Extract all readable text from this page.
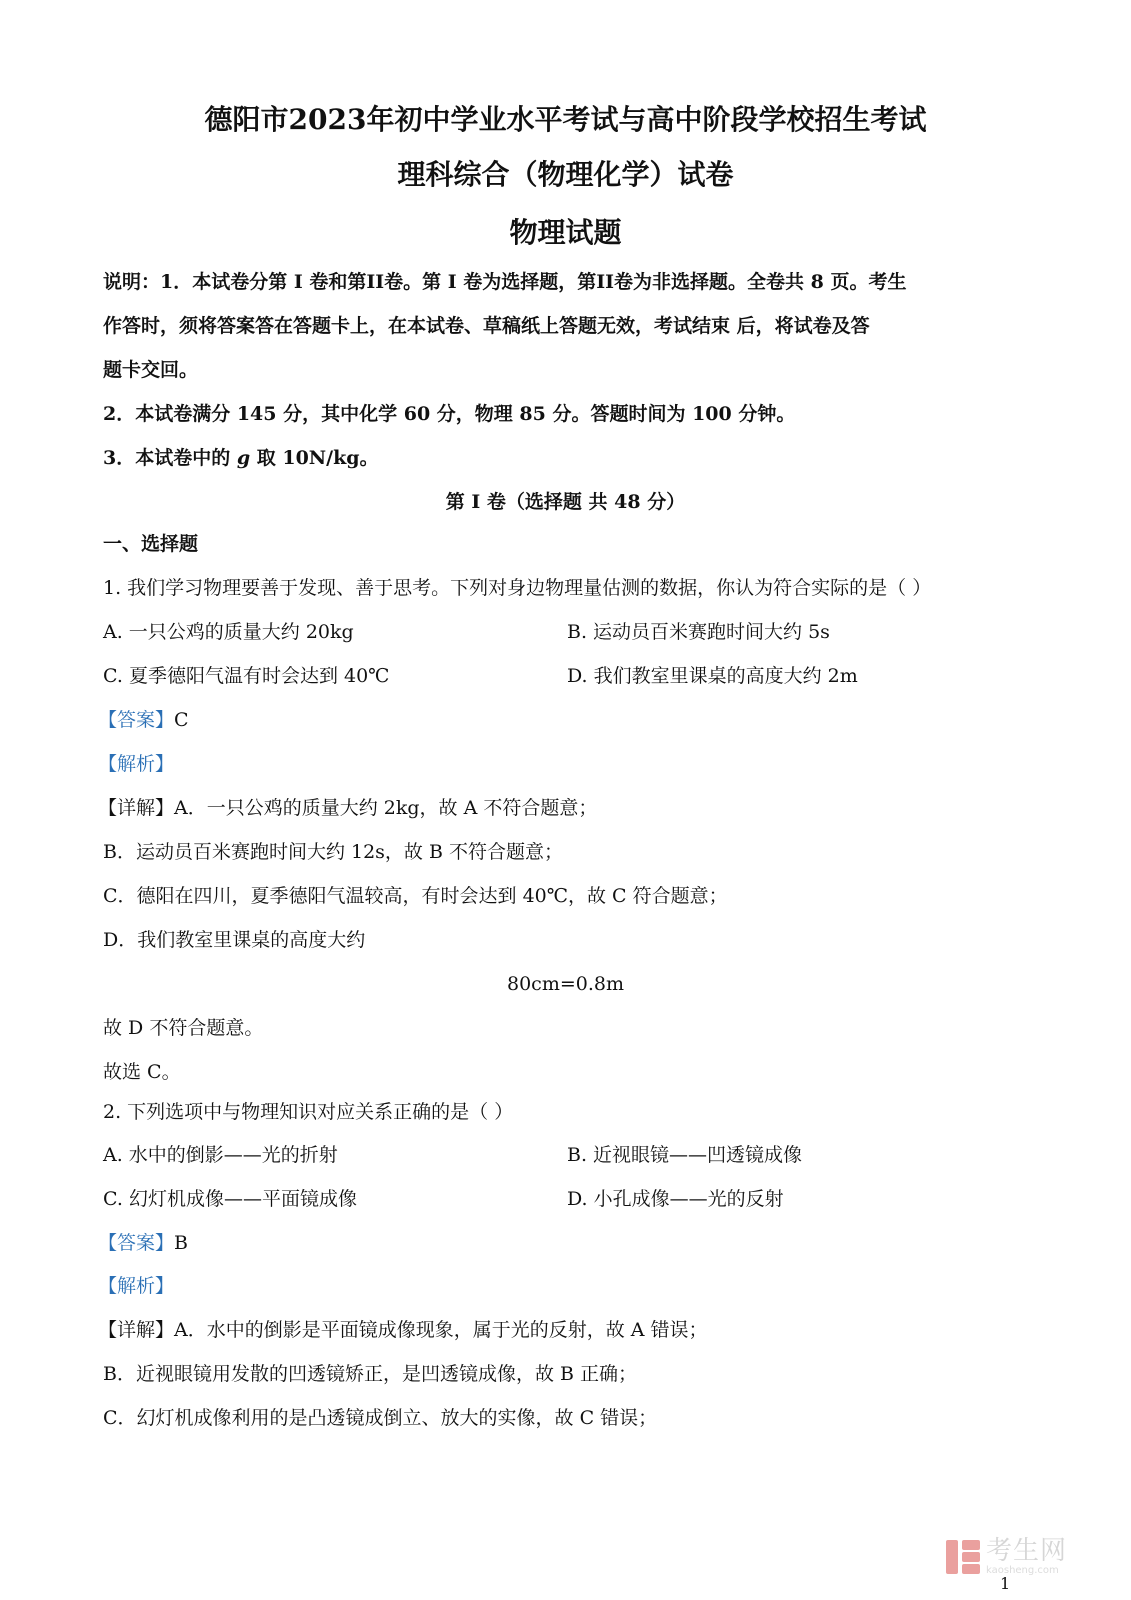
德阳市2023年初中学业水平考试与高中阶段学校招生考试
理科综合（物理化学）试卷
物理试题
说明：1．本试卷分第 I 卷和第II卷。第 I 卷为选择题，第II卷为非选择题。全卷共 8 页。考生
作答时，须将答案答在答题卡上，在本试卷、草稿纸上答题无效，考试结束 后，将试卷及答
题卡交回。
2．本试卷满分 145 分，其中化学 60 分，物理 85 分。答题时间为 100 分钟。
3．本试卷中的 g 取 10N/kg。
第 I 卷（选择题 共 48 分）
一、选择题
1. 我们学习物理要善于发现、善于思考。下列对身边物理量估测的数据，你认为符合实际的是（ ）
A. 一只公鸡的质量大约 20kg	B. 运动员百米赛跑时间大约 5s
C. 夏季德阳气温有时会达到 40℃	D. 我们教室里课桌的高度大约 2m
【答案】C
【解析】
【详解】A．一只公鸡的质量大约 2kg，故 A 不符合题意；
B．运动员百米赛跑时间大约 12s，故 B 不符合题意；
C．德阳在四川，夏季德阳气温较高，有时会达到 40℃，故 C 符合题意；
D．我们教室里课桌的高度大约
80cm=0.8m
故 D 不符合题意。
故选 C。
2. 下列选项中与物理知识对应关系正确的是（ ）
A. 水中的倒影——光的折射	B. 近视眼镜——凹透镜成像
C. 幻灯机成像——平面镜成像	D. 小孔成像——光的反射
【答案】B
【解析】
【详解】A．水中的倒影是平面镜成像现象，属于光的反射，故 A 错误；
B．近视眼镜用发散的凹透镜矫正，是凹透镜成像，故 B 正确；
C．幻灯机成像利用的是凸透镜成倒立、放大的实像，故 C 错误；
考生网
kaosheng.com
1
